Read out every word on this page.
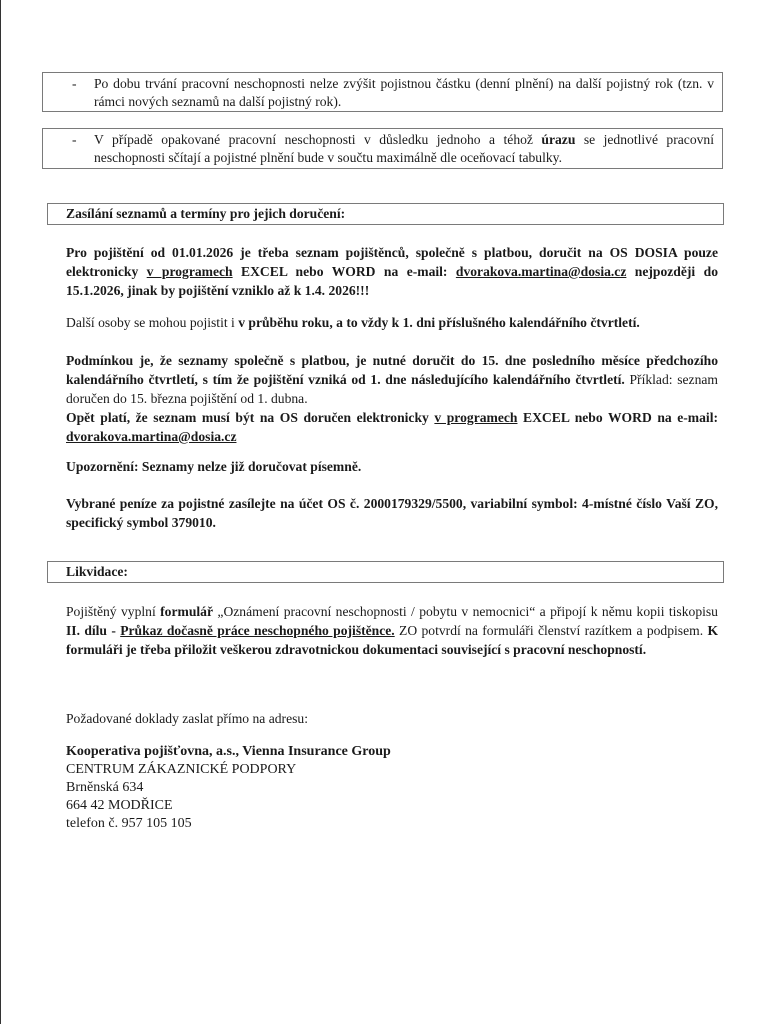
-	Po dobu trvání pracovní neschopnosti nelze zvýšit pojistnou částku (denní plnění) na další pojistný rok (tzn. v rámci nových seznamů na další pojistný rok).
-	V případě opakované pracovní neschopnosti v důsledku jednoho a téhož úrazu se jednotlivé pracovní neschopnosti sčítají a pojistné plnění bude v součtu maximálně dle oceňovací tabulky.
Zasílání seznamů a termíny pro jejich doručení:
Pro pojištění od 01.01.2026 je třeba seznam pojištěnců, společně s platbou, doručit na OS DOSIA pouze elektronicky v programech EXCEL nebo WORD na e-mail: dvorakova.martina@dosia.cz nejpozději do 15.1.2026, jinak by pojištění vzniklo až k 1.4. 2026!!!
Další osoby se mohou pojistit i v průběhu roku, a to vždy k 1. dni příslušného kalendářního čtvrtletí.
Podmínkou je, že seznamy společně s platbou, je nutné doručit do 15. dne posledního měsíce předchozího kalendářního čtvrtletí, s tím že pojištění vzniká od 1. dne následujícího kalendářního čtvrtletí. Příklad: seznam doručen do 15. března pojištění od 1. dubna.
Opět platí, že seznam musí být na OS doručen elektronicky v programech EXCEL nebo WORD na e-mail: dvorakova.martina@dosia.cz
Upozornění: Seznamy nelze již doručovat písemně.
Vybrané peníze za pojistné zasílejte na účet OS č. 2000179329/5500, variabilní symbol: 4-místné číslo Vaší ZO, specifický symbol 379010.
Likvidace:
Pojištěný vyplní formulář „Oznámení pracovní neschopnosti / pobytu v nemocnici“ a připojí k němu kopii tiskopisu II. dílu - Průkaz dočasně práce neschopného pojištěnce. ZO potvrdí na formuláři členství razítkem a podpisem. K formuláři je třeba přiložit veškerou zdravotnickou dokumentaci související s pracovní neschopností.
Požadované doklady zaslat přímo na adresu:
Kooperativa pojišťovna, a.s., Vienna Insurance Group
CENTRUM ZÁKAZNICKÉ PODPORY
Brněnská 634
664 42 MODŘICE
telefon č. 957 105 105
